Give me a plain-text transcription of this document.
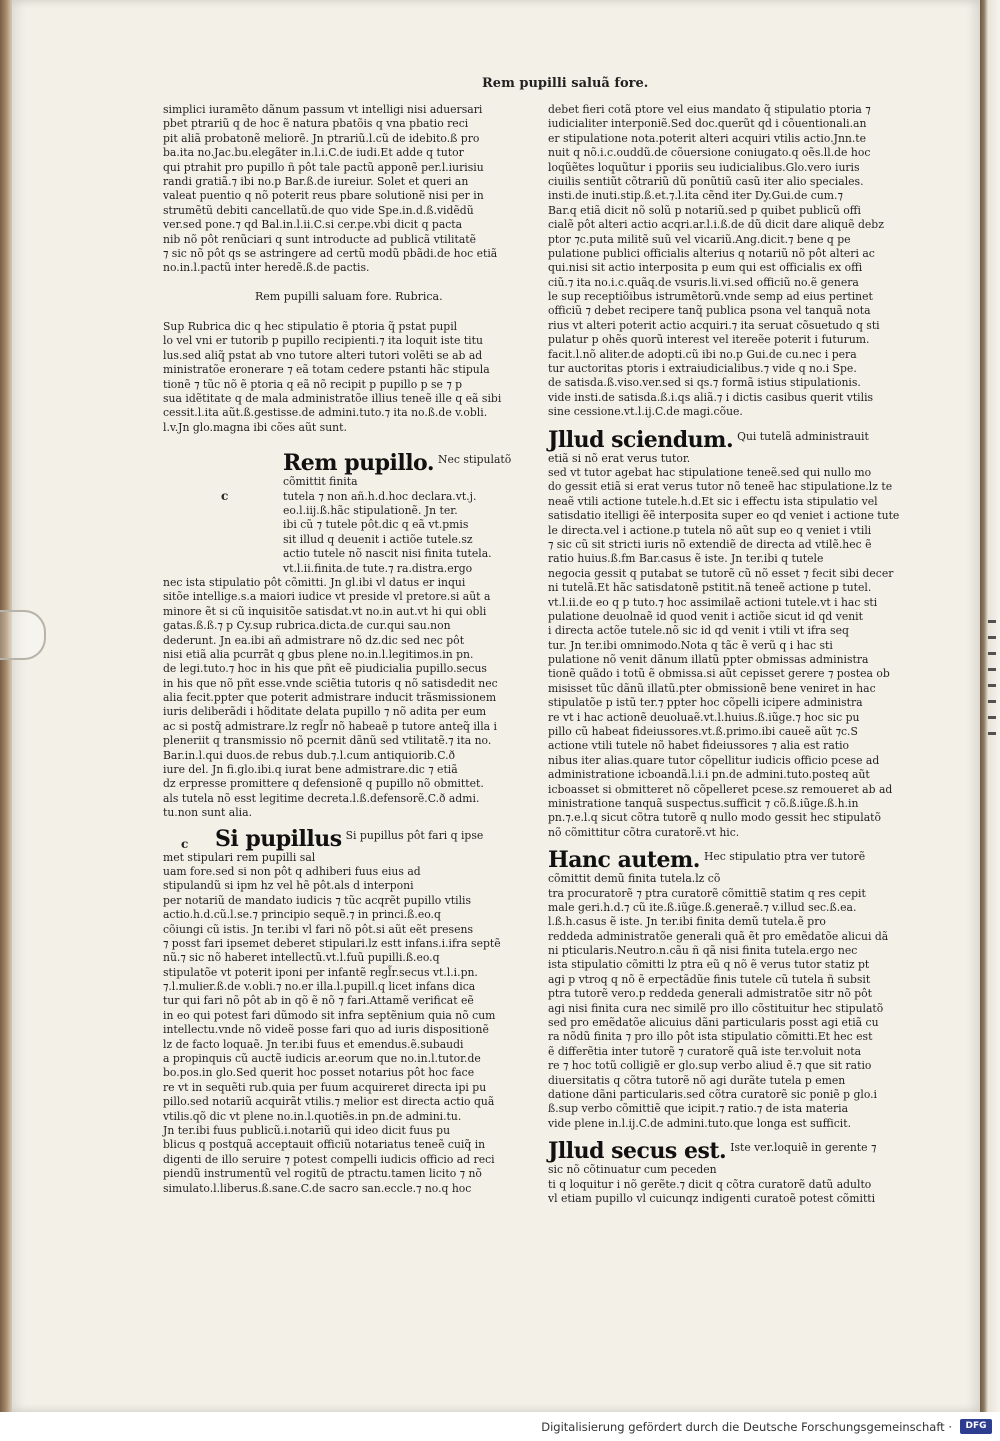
Rem pupilli saluã fore.
simplici iuramẽto dãnum passum vt intelligi nisi aduersari
pbet ptrariũ q de hoc ẽ natura pbatõis q vna pbatio reci
pit aliã probatonẽ meliorẽ. Jn ptrariũ.l.cũ de idebito.ß pro
ba.ita no.Jac.bu.elegãter in.l.i.C.de iudi.Et adde q tutor
qui ptrahit pro pupillo ñ pôt tale pactũ apponẽ per.l.iurisiu
randi gratiã.⁊ ibi no.p Bar.ß.de iureiur. Solet et queri an
valeat puentio q nõ poterit reus pbare solutionẽ nisi per in
strumẽtũ debiti cancellatũ.de quo vide Spe.in.d.ß.vidẽdũ
ver.sed pone.⁊ qd Bal.in.l.ii.C.si cer.pe.vbi dicit q pacta
nib nõ pôt renũciari q sunt introducte ad publicã vtilitatẽ
⁊ sic nõ pôt qs se astringere ad certũ modũ pbãdi.de hoc etiã
no.in.l.pactũ inter heredẽ.ß.de pactis.
Rem pupilli saluam fore. Rubrica.
Sup Rubrica dic q hec stipulatio ẽ ptoria q̃ pstat pupil
lo vel vni er tutorib p pupillo recipienti.⁊ ita loquit iste titu
lus.sed aliq̃ pstat ab vno tutore alteri tutori volẽti se ab ad
ministratõe eronerare ⁊ eã totam cedere pstanti hãc stipula
tionẽ ⁊ tũc nõ ẽ ptoria q eã nõ recipit p pupillo p se ⁊ p
sua idẽtitate q de mala administratõe illius teneẽ ille q eã sibi
cessit.l.ita aũt.ß.gestisse.de admini.tuto.⁊ ita no.ß.de v.obli.
l.v.Jn glo.magna ibi cões aũt sunt.
Rem pupillo. Nec stipulatõ
cõmittit finita
tutela ⁊ non añ.h.d.hoc declara.vt.j.
eo.l.iij.ß.hãc stipulationẽ. Jn ter.
ibi cũ ⁊ tutele pôt.dic q eã vt.pmis
sit illud q deuenit i actiõe tutele.sz
actio tutele nõ nascit nisi finita tutela.
vt.l.ii.finita.de tute.⁊ ra.distra.ergo
c
nec ista stipulatio pôt cõmitti. Jn gl.ibi vl datus er inqui
sitõe intellige.s.a maiori iudice vt preside vl pretore.si aũt a
minore ẽt si cũ inquisitõe satisdat.vt no.in aut.vt hi qui obli
gatas.ß.ß.⁊ p Cy.sup rubrica.dicta.de cur.qui sau.non
dederunt. Jn ea.ibi añ admistrare nõ dz.dic sed nec pôt
nisi etiã alia pcurrãt q gbus plene no.in.l.legitimos.in pn.
de legi.tuto.⁊ hoc in his que pñt eẽ piudicialia pupillo.secus
in his que nõ pñt esse.vnde sciẽtia tutoris q nõ satisdedit nec
alia fecit.ppter que poterit admistrare inducit trãsmissionem
iuris deliberãdi i hõditate delata pupillo ⁊ nõ adita per eum
ac si postq̃ admistrare.lz regl̃r nõ habeaẽ p tutore anteq̃ illa i
pleneriit q transmissio nõ pcernit dãnũ sed vtilitatẽ.⁊ ita no.
Bar.in.l.qui duos.de rebus dub.⁊.l.cum antiquiorib.C.ð
iure del. Jn fi.glo.ibi.q iurat bene admistrare.dic ⁊ etiã
dz erpresse promittere q defensionẽ q pupillo nõ obmittet.
als tutela nõ esst legitime decreta.l.ß.defensorẽ.C.ð admi.
tu.non sunt alia.
Si pupillus Si pupillus pôt fari q ipse
c
met stipulari rem pupilli sal
uam fore.sed si non pôt q adhiberi fuus eius ad
stipulandũ si ipm hz vel hẽ pôt.als d interponi
per notariũ de mandato iudicis ⁊ tũc acqrẽt pupillo vtilis
actio.h.d.cũ.l.se.⁊ principio sequẽ.⁊ in princi.ß.eo.q
cõiungi cũ istis. Jn ter.ibi vl fari nõ pôt.si aũt eẽt presens
⁊ posst fari ipsemet deberet stipulari.lz estt infans.i.ifra septẽ
nũ.⁊ sic nõ haberet intellectũ.vt.l.fuũ pupilli.ß.eo.q
stipulatõe vt poterit iponi per infantẽ regl̃r.secus vt.l.i.pn.
⁊.l.mulier.ß.de v.obli.⁊ no.er illa.l.pupill.q licet infans dica
tur qui fari nõ pôt ab in qõ ẽ nõ ⁊ fari.Attamẽ verificat eẽ
in eo qui potest fari dũmodo sit infra septẽnium quia nõ cum
intellectu.vnde nõ videẽ posse fari quo ad iuris dispositionẽ
lz de facto loquaẽ. Jn ter.ibi fuus et emendus.ẽ.subaudi
a propinquis cũ auctẽ iudicis ar.eorum que no.in.l.tutor.de
bo.pos.in glo.Sed querit hoc posset notarius pôt hoc face
re vt in sequẽti rub.quia per fuum acquireret directa ipi pu
pillo.sed notariũ acquirãt vtilis.⁊ melior est directa actio quã
vtilis.qõ dic vt plene no.in.l.quotiẽs.in pn.de admini.tu.
Jn ter.ibi fuus publicũ.i.notariũ qui ideo dicit fuus pu
blicus q postquã acceptauit officiũ notariatus teneẽ cuiq̃ in
digenti de illo seruire ⁊ potest compelli iudicis officio ad reci
piendũ instrumentũ vel rogitũ de ptractu.tamen licito ⁊ nõ
simulato.l.liberus.ß.sane.C.de sacro san.eccle.⁊ no.q hoc
debet fieri cotã ptore vel eius mandato q̃ stipulatio ptoria ⁊
iudicialiter interponiẽ.Sed doc.querũt qd i cõuentionali.an
er stipulatione nota.poterit alteri acquiri vtilis actio.Jnn.te
nuit q nõ.i.c.ouddũ.de cõuersione coniugato.q oẽs.ll.de hoc
loqũẽtes loquũtur i pporiis seu iudicialibus.Glo.vero iuris
ciuilis sentiũt cõtrariũ dũ ponũtiũ casũ iter alio speciales.
insti.de inuti.stip.ß.et.⁊.l.ita cẽnd iter Dy.Gui.de cum.⁊
Bar.q etiã dicit nõ solũ p notariũ.sed p quibet publicũ offi
cialẽ pôt alteri actio acqri.ar.l.i.ß.de dũ dicit dare aliquẽ debz
ptor ⁊c.puta militẽ suũ vel vicariũ.Ang.dicit.⁊ bene q pe
pulatione publici officialis alterius q notariũ nõ pôt alteri ac
qui.nisi sit actio interposita p eum qui est officialis ex offi
ciũ.⁊ ita no.i.c.quãq.de vsuris.li.vi.sed officiũ no.ẽ genera
le sup receptiõibus istrumẽtorũ.vnde semp ad eius pertinet
officiũ ⁊ debet recipere tanq̃ publica psona vel tanquã nota
rius vt alteri poterit actio acquiri.⁊ ita seruat cõsuetudo q sti
pulatur p ohẽs quorũ interest vel itereẽe poterit i futurum.
facit.l.nõ aliter.de adopti.cũ ibi no.p Gui.de cu.nec i pera
tur auctoritas ptoris i extraiudicialibus.⁊ vide q no.i Spe.
de satisda.ß.viso.ver.sed si qs.⁊ formã istius stipulationis.
vide insti.de satisda.ß.i.qs aliã.⁊ i dictis casibus querit vtilis
sine cessione.vt.l.ij.C.de magi.cõue.
Jllud sciendum. Qui tutelã administrauit
etiã si nõ erat verus tutor.
sed vt tutor agebat hac stipulatione teneẽ.sed qui nullo mo
do gessit etiã si erat verus tutor nõ teneẽ hac stipulatione.lz te
neaẽ vtili actione tutele.h.d.Et sic i effectu ista stipulatio vel
satisdatio itelligi ẽẽ interposita super eo qd veniet i actione tute
le directa.vel i actione.p tutela nõ aũt sup eo q veniet i vtili
⁊ sic cũ sit stricti iuris nõ extendiẽ de directa ad vtilẽ.hec ẽ
ratio huius.ß.fm Bar.casus ẽ iste. Jn ter.ibi q tutele
negocia gessit q putabat se tutorẽ cũ nõ esset ⁊ fecit sibi decer
ni tutelã.Et hãc satisdatonẽ pstitit.nã teneẽ actione p tutel.
vt.l.ii.de eo q p tuto.⁊ hoc assimilaẽ actioni tutele.vt i hac sti
pulatione deuolnaẽ id quod venit i actiõe sicut id qd venit
i directa actõe tutele.nõ sic id qd venit i vtili vt ifra seq
tur. Jn ter.ibi omnimodo.Nota q tãc ẽ verũ q i hac sti
pulatione nõ venit dãnum illatũ ppter obmissas administra
tionẽ quãdo i totũ ẽ obmissa.si aũt cepisset gerere ⁊ postea ob
misisset tũc dãnũ illatũ.pter obmissionẽ bene veniret in hac
stipulatõe p istũ ter.⁊ ppter hoc cõpelli icipere administra
re vt i hac actionẽ deuoluaẽ.vt.l.huius.ß.iũge.⁊ hoc sic pu
pillo cũ habeat fideiussores.vt.ß.primo.ibi caueẽ aũt ⁊c.S
actione vtili tutele nõ habet fideiussores ⁊ alia est ratio
nibus iter alias.quare tutor cõpellitur iudicis officio pcese ad
administratione icboandã.l.i.i pn.de admini.tuto.posteq aũt
icboasset si obmitteret nõ cõpelleret pcese.sz remoueret ab ad
ministratione tanquã suspectus.sufficit ⁊ cõ.ß.iũge.ß.h.in
pn.⁊.e.l.q sicut cõtra tutorẽ q nullo modo gessit hec stipulatõ
nõ cõmittitur cõtra curatorẽ.vt hic.
Hanc autem. Hec stipulatio ptra ver tutorẽ
cõmittit demũ finita tutela.lz cõ
tra procuratorẽ ⁊ ptra curatorẽ cõmittiẽ statim q res cepit
male geri.h.d.⁊ cũ ite.ß.iũge.ß.generaẽ.⁊ v.illud sec.ß.ea.
l.ß.h.casus ẽ iste. Jn ter.ibi finita demũ tutela.ẽ pro
reddeda administratõe generali quã ẽt pro emẽdatõe alicui dã
ni pticularis.Neutro.n.cãu ñ qã nisi finita tutela.ergo nec
ista stipulatio cõmitti lz ptra eũ q nõ ẽ verus tutor statiz pt
agi p vtroq q nõ ẽ erpectãdũe finis tutele cũ tutela ñ subsit
ptra tutorẽ vero.p reddeda generali admistratõe sitr nõ pôt
agi nisi finita cura nec similẽ pro illo cõstituitur hec stipulatõ
sed pro emẽdatõe alicuius dãni particularis posst agi etiã cu
ra nõdũ finita ⁊ pro illo pôt ista stipulatio cõmitti.Et hec est
ẽ differẽtia inter tutorẽ ⁊ curatorẽ quã iste ter.voluit nota
re ⁊ hoc totũ colligiẽ er glo.sup verbo aliud ẽ.⁊ que sit ratio
diuersitatis q cõtra tutorẽ nõ agi durãte tutela p emen
datione dãni particularis.sed cõtra curatorẽ sic poniẽ p glo.i
ß.sup verbo cõmittiẽ que icipit.⁊ ratio.⁊ de ista materia
vide plene in.l.ij.C.de admini.tuto.que longa est sufficit.
Jllud secus est. Iste ver.loquiẽ in gerente ⁊
sic nõ cõtinuatur cum peceden
ti q loquitur i nõ gerẽte.⁊ dicit q cõtra curatorẽ datũ adulto
vl etiam pupillo vl cuicunqz indigenti curatoẽ potest cõmitti
Digitalisierung gefördert durch die Deutsche Forschungsgemeinschaft ·	DFG
